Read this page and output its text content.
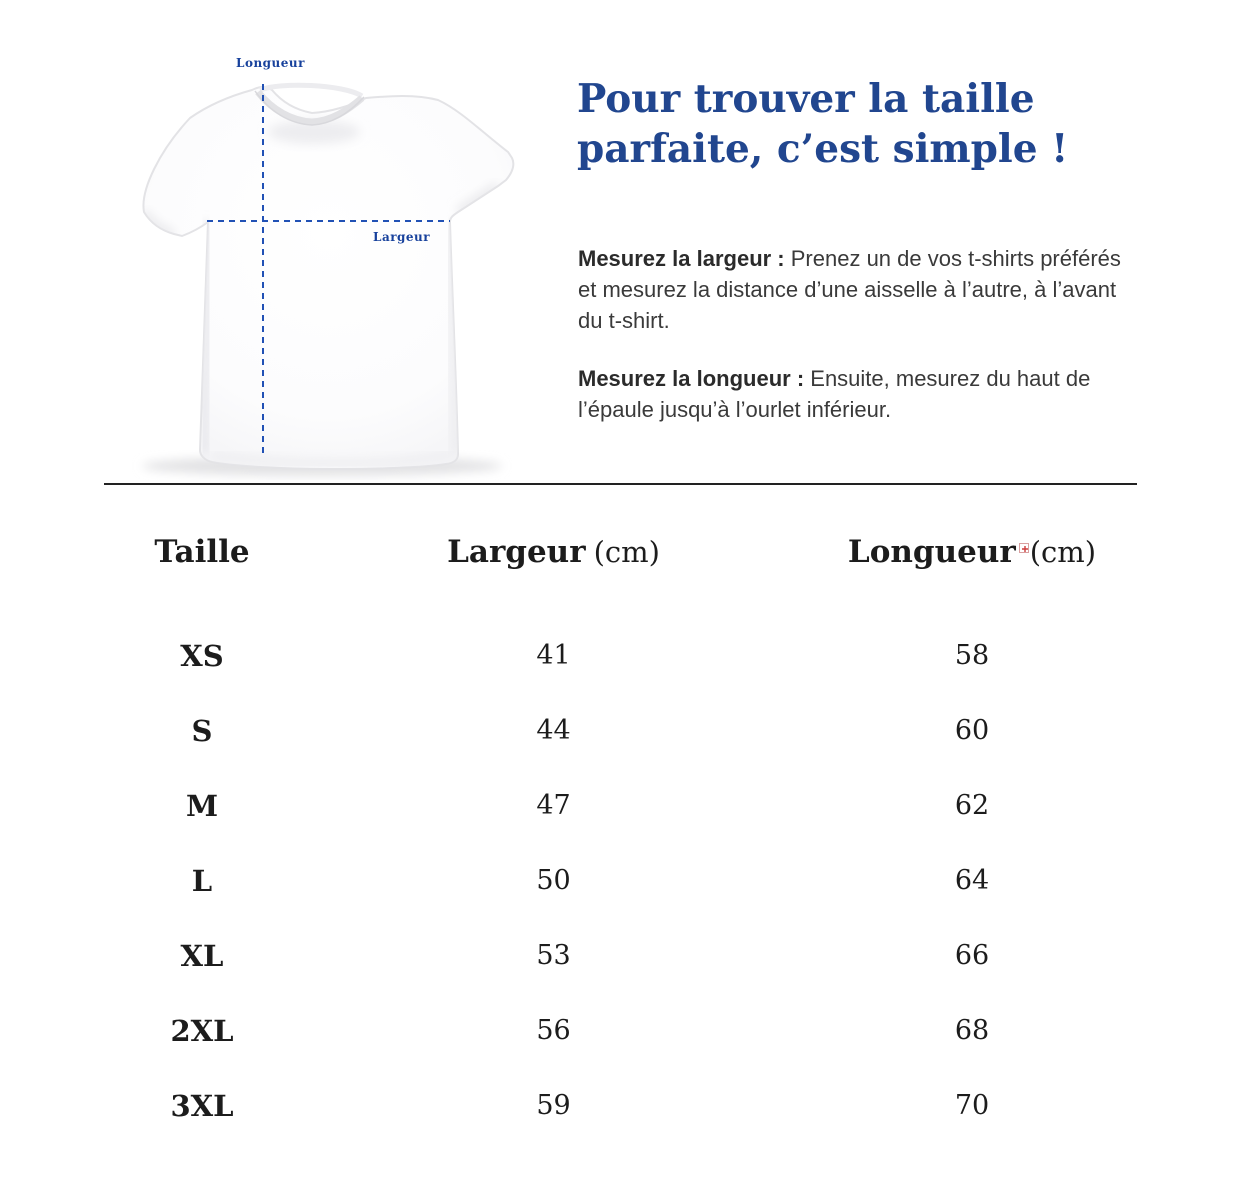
Longueur
Largeur
Pour trouver la taille parfaite, c’est simple !

Mesurez la largeur : Prenez un de vos t-shirts préférés et mesurez la distance d’une aisselle à l’autre, à l’avant du t-shirt.

Mesurez la longueur : Ensuite, mesurez du haut de l’épaule jusqu’à l’ourlet inférieur.

Taille	Largeur (cm)	Longueur (cm)
XS	41	58
S	44	60
M	47	62
L	50	64
XL	53	66
2XL	56	68
3XL	59	70
